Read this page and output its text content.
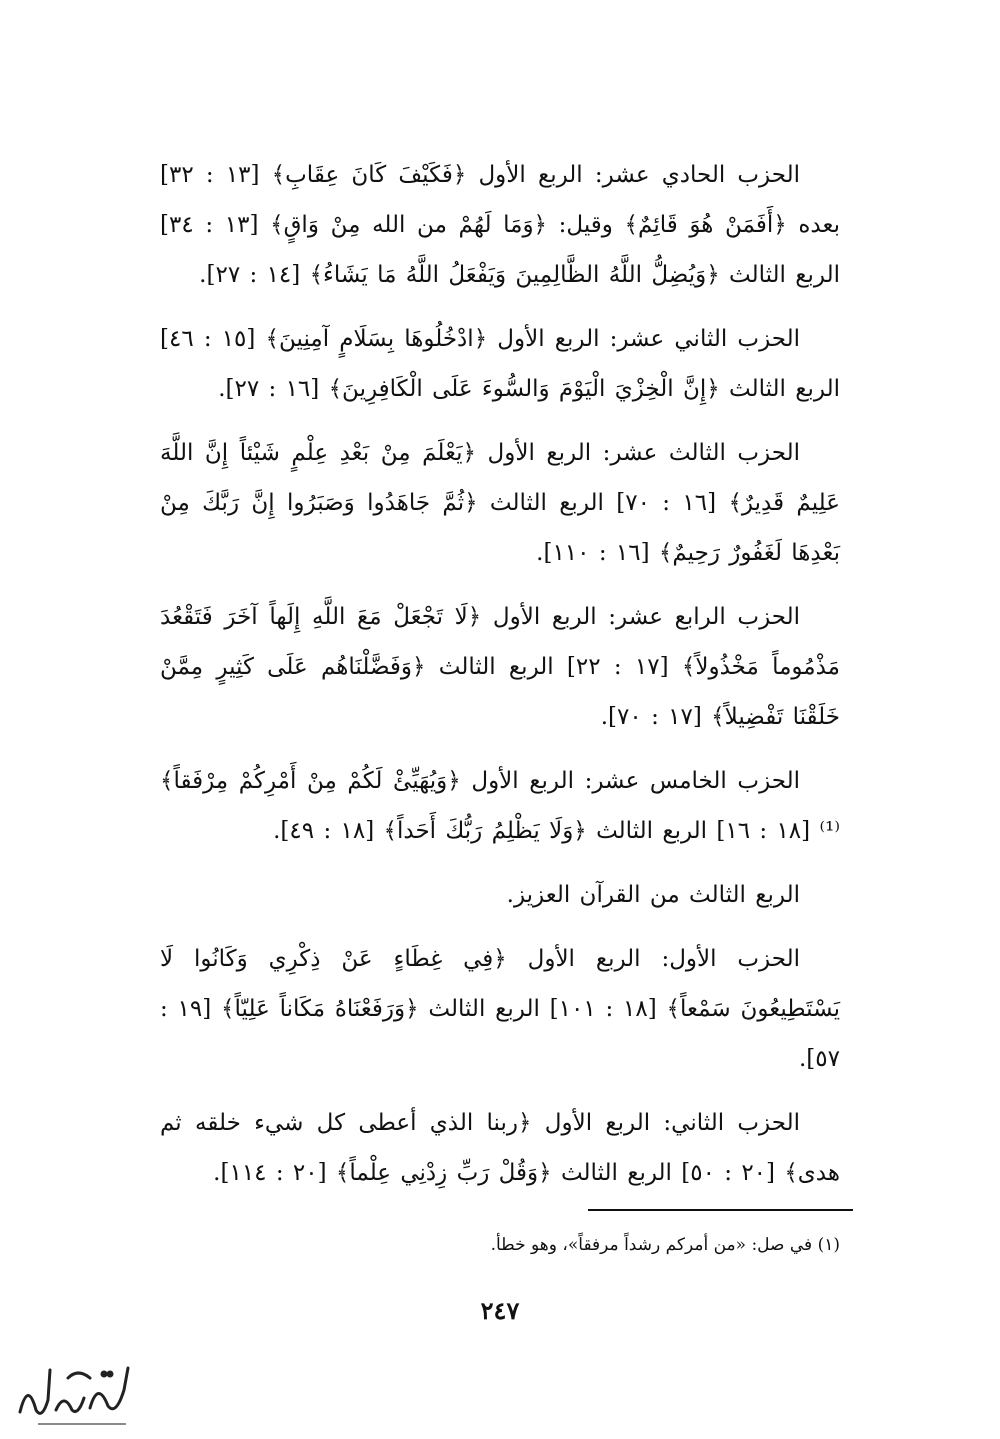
الحزب الحادي عشر: الربع الأول ﴿فَكَيْفَ كَانَ عِقَابِ﴾ [١٣ : ٣٢] بعده ﴿أَفَمَنْ هُوَ قَائِمٌ﴾ وقيل: ﴿وَمَا لَهُمْ من الله مِنْ وَاقٍ﴾ [١٣ : ٣٤] الربع الثالث ﴿وَيُضِلُّ اللَّهُ الظَّالِمِينَ وَيَفْعَلُ اللَّهُ مَا يَشَاءُ﴾ [١٤ : ٢٧].

الحزب الثاني عشر: الربع الأول ﴿ادْخُلُوهَا بِسَلَامٍ آمِنِينَ﴾ [١٥ : ٤٦] الربع الثالث ﴿إِنَّ الْخِزْيَ الْيَوْمَ وَالسُّوءَ عَلَى الْكَافِرِينَ﴾ [١٦ : ٢٧].

الحزب الثالث عشر: الربع الأول ﴿يَعْلَمَ مِنْ بَعْدِ عِلْمٍ شَيْئاً إِنَّ اللَّهَ عَلِيمٌ قَدِيرٌ﴾ [١٦ : ٧٠] الربع الثالث ﴿ثُمَّ جَاهَدُوا وَصَبَرُوا إِنَّ رَبَّكَ مِنْ بَعْدِهَا لَغَفُورٌ رَحِيمٌ﴾ [١٦ : ١١٠].

الحزب الرابع عشر: الربع الأول ﴿لَا تَجْعَلْ مَعَ اللَّهِ إِلَهاً آخَرَ فَتَقْعُدَ مَذْمُوماً مَخْذُولاً﴾ [١٧ : ٢٢] الربع الثالث ﴿وَفَضَّلْنَاهُم عَلَى كَثِيرٍ مِمَّنْ خَلَقْنَا تَفْضِيلاً﴾ [١٧ : ٧٠].

الحزب الخامس عشر: الربع الأول ﴿وَيُهَيِّئْ لَكُمْ مِنْ أَمْرِكُمْ مِرْفَقاً﴾⁽¹⁾ [١٨ : ١٦] الربع الثالث ﴿وَلَا يَظْلِمُ رَبُّكَ أَحَداً﴾ [١٨ : ٤٩].

الربع الثالث من القرآن العزيز.

الحزب الأول: الربع الأول ﴿فِي غِطَاءٍ عَنْ ذِكْرِي وَكَانُوا لَا يَسْتَطِيعُونَ سَمْعاً﴾ [١٨ : ١٠١] الربع الثالث ﴿وَرَفَعْنَاهُ مَكَاناً عَلِيّاً﴾ [١٩ : ٥٧].

الحزب الثاني: الربع الأول ﴿ربنا الذي أعطى كل شيء خلقه ثم هدى﴾ [٢٠ : ٥٠] الربع الثالث ﴿وَقُلْ رَبِّ زِدْنِي عِلْماً﴾ [٢٠ : ١١٤].

(١) في صل: «من أمركم رشداً مرفقاً»، وهو خطأ.
٢٤٧
